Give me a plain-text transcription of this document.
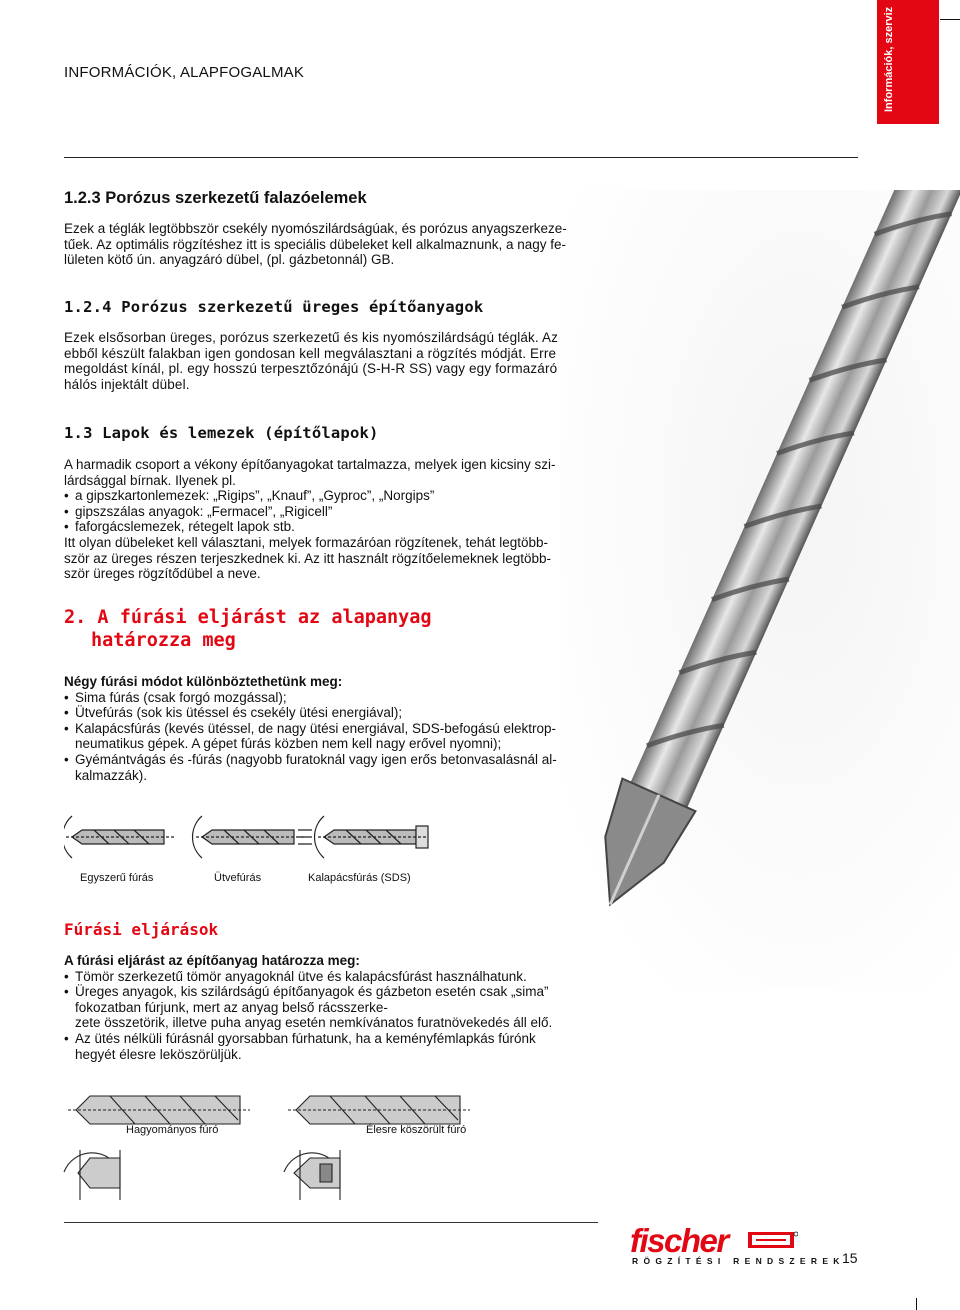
INFORMÁCIÓK, ALAPFOGALMAK	Információk, szerviz
1.2.3 Porózus szerkezetű falazóelemek

Ezek a téglák legtöbbször csekély nyomószilárdságúak, és porózus anyagszerkeze-

tűek. Az optimális rögzítéshez itt is speciális dübeleket kell alkalmaznunk, a nagy fe-

lületen kötő ún. anyagzáró dübel, (pl. gázbetonnál) GB.

1.2.4 Porózus szerkezetű üreges építőanyagok

Ezek elsősorban üreges, porózus szerkezetű és kis nyomószilárdságú téglák. Az

ebből készült falakban igen gondosan kell megválasztani a rögzítés módját. Erre

megoldást kínál, pl. egy hosszú terpesztőzónájú (S-H-R SS) vagy egy formazáró

hálós injektált dübel.

1.3 Lapok és lemezek (építőlapok)

A harmadik csoport a vékony építőanyagokat tartalmazza, melyek igen kicsiny szi-

lárdsággal bírnak. Ilyenek pl.

• a gipszkartonlemezek: „Rigips”, „Knauf”, „Gyproc”, „Norgips”
• gipszszálas anyagok: „Fermacel”, „Rigicell”
• faforgácslemezek, rétegelt lapok stb.

Itt olyan dübeleket kell választani, melyek formazáróan rögzítenek, tehát legtöbb-

ször az üreges részen terjeszkednek ki. Az itt használt rögzítőelemeknek legtöbb-

ször üreges rögzítődübel a neve.

2. A fúrási eljárást az alapanyag
határozza meg

Négy fúrási módot különböztethetünk meg:

• Sima fúrás (csak forgó mozgással);
• Ütvefúrás (sok kis ütéssel és csekély ütési energiával);
• Kalapácsfúrás (kevés ütéssel, de nagy ütési energiával, SDS-befogású elektrop-
neumatikus gépek. A gépet fúrás közben nem kell nagy erővel nyomni);
• Gyémántvágás és -fúrás (nagyobb furatoknál vagy igen erős betonvasalásnál al-
kalmazzák).
Egyszerű fúrás	Ütvefúrás	Kalapácsfúrás (SDS)
Fúrási eljárások

A fúrási eljárást az építőanyag határozza meg:

• Tömör szerkezetű tömör anyagoknál ütve és kalapácsfúrást használhatunk.
• Üreges anyagok, kis szilárdságú építőanyagok és gázbeton esetén csak „sima”
fokozatban fúrjunk, mert az anyag belső rácsszerke-
zete összetörik, illetve puha anyag esetén nemkívánatos furatnövekedés áll elő.
• Az ütés nélküli fúrásnál gyorsabban fúrhatunk, ha a keményfémlapkás fúrónk
hegyét élesre leköszörüljük.
Hagyományos fúró	Élesre köszörült fúró
fischer
RÖGZÍTÉSI RENDSZEREK
15
